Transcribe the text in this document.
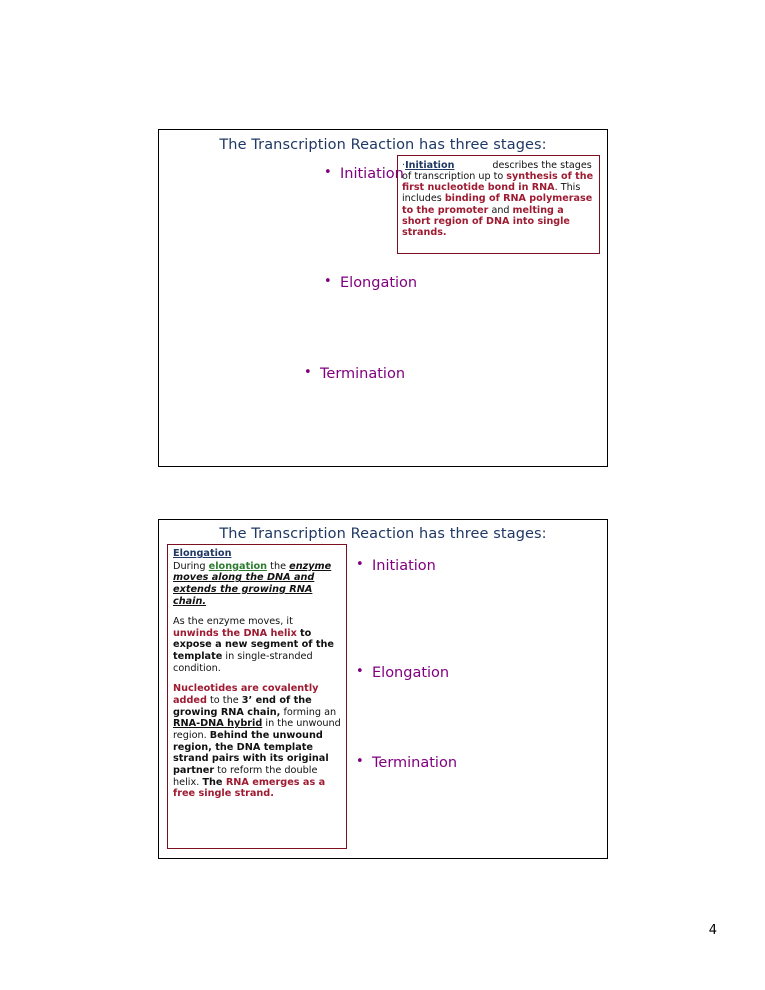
The Transcription Reaction has three stages:
• Initiation
• Elongation
• Termination
·Initiation	describes the stages of transcription up to synthesis of the first nucleotide bond in RNA. This includes binding of RNA polymerase to the promoter and melting a short region of DNA into single strands.
The Transcription Reaction has three stages:
• Initiation
• Elongation
• Termination
Elongation

During elongation the enzyme moves along the DNA and extends the growing RNA chain.

As the enzyme moves, it unwinds the DNA helix to expose a new segment of the template in single-stranded condition.

Nucleotides are covalently added to the 3’ end of the growing RNA chain, forming an RNA-DNA hybrid in the unwound region. Behind the unwound region, the DNA template strand pairs with its original partner to reform the double helix. The RNA emerges as a free single strand.

4
